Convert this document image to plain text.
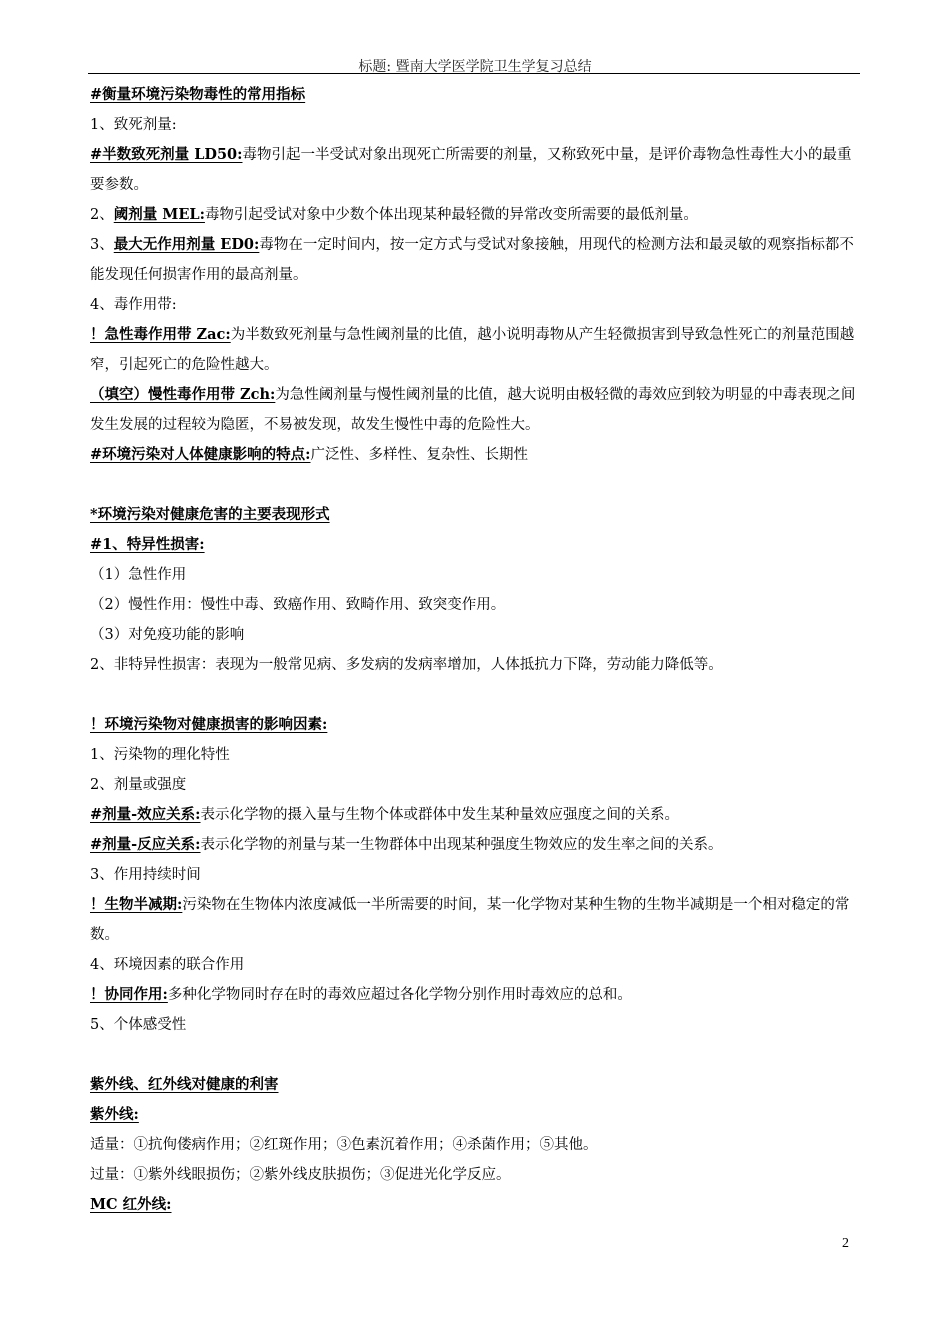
标题: 暨南大学医学院卫生学复习总结

#衡量环境污染物毒性的常用指标

1、致死剂量:

#半数致死剂量 LD50:毒物引起一半受试对象出现死亡所需要的剂量，又称致死中量，是评价毒物急性毒性大小的最重要参数。

2、阈剂量 MEL:毒物引起受试对象中少数个体出现某种最轻微的异常改变所需要的最低剂量。

3、最大无作用剂量 ED0:毒物在一定时间内，按一定方式与受试对象接触，用现代的检测方法和最灵敏的观察指标都不能发现任何损害作用的最高剂量。

4、毒作用带:

！急性毒作用带 Zac:为半数致死剂量与急性阈剂量的比值，越小说明毒物从产生轻微损害到导致急性死亡的剂量范围越窄，引起死亡的危险性越大。

（填空）慢性毒作用带 Zch:为急性阈剂量与慢性阈剂量的比值，越大说明由极轻微的毒效应到较为明显的中毒表现之间发生发展的过程较为隐匿，不易被发现，故发生慢性中毒的危险性大。

#环境污染对人体健康影响的特点:广泛性、多样性、复杂性、长期性

*环境污染对健康危害的主要表现形式

#1、特异性损害:

（1）急性作用

（2）慢性作用：慢性中毒、致癌作用、致畸作用、致突变作用。

（3）对免疫功能的影响

2、非特异性损害：表现为一般常见病、多发病的发病率增加，人体抵抗力下降，劳动能力降低等。

！环境污染物对健康损害的影响因素:

1、污染物的理化特性

2、剂量或强度

#剂量-效应关系:表示化学物的摄入量与生物个体或群体中发生某种量效应强度之间的关系。

#剂量-反应关系:表示化学物的剂量与某一生物群体中出现某种强度生物效应的发生率之间的关系。

3、作用持续时间

！生物半减期:污染物在生物体内浓度减低一半所需要的时间，某一化学物对某种生物的生物半减期是一个相对稳定的常数。

4、环境因素的联合作用

！协同作用:多种化学物同时存在时的毒效应超过各化学物分别作用时毒效应的总和。

5、个体感受性

紫外线、红外线对健康的利害

紫外线:

适量：①抗佝偻病作用；②红斑作用；③色素沉着作用；④杀菌作用；⑤其他。

过量：①紫外线眼损伤；②紫外线皮肤损伤；③促进光化学反应。

MC 红外线:

2
